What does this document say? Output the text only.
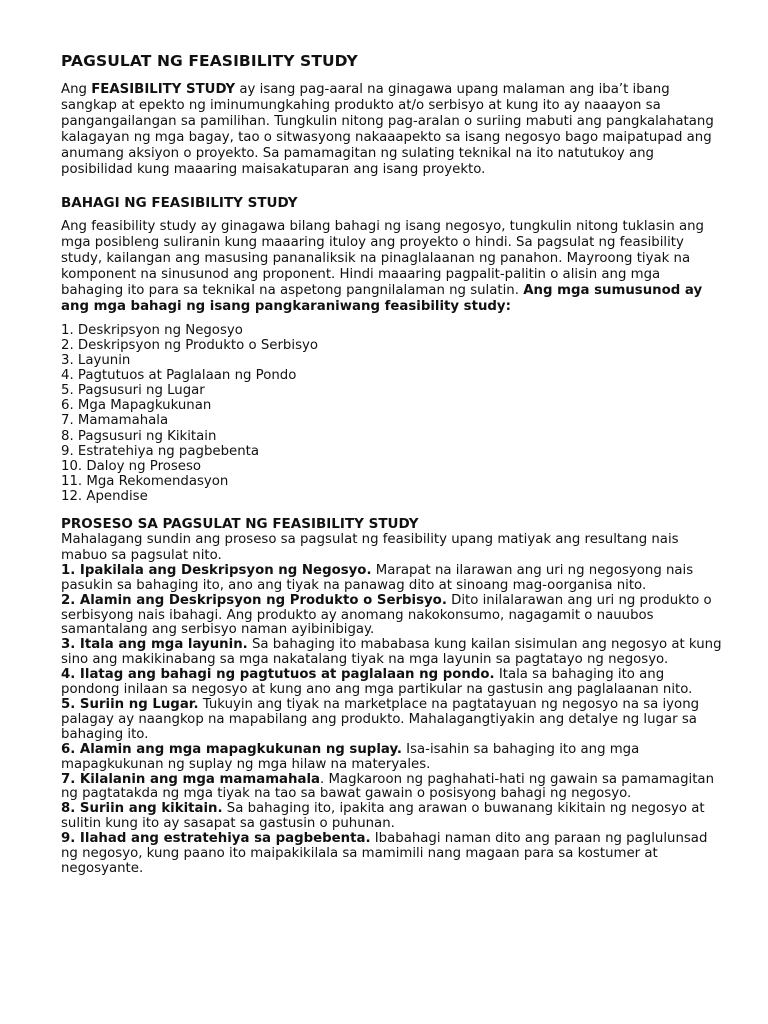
PAGSULAT NG FEASIBILITY STUDY

Ang FEASIBILITY STUDY ay isang pag-aaral na ginagawa upang malaman ang iba’t ibang sangkap at epekto ng iminumungkahing produkto at/o serbisyo at kung ito ay naaayon sa pangangailangan sa pamilihan. Tungkulin nitong pag-aralan o suriing mabuti ang pangkalahatang kalagayan ng mga bagay, tao o sitwasyong nakaaapekto sa isang negosyo bago maipatupad ang anumang aksiyon o proyekto. Sa pamamagitan ng sulating teknikal na ito natutukoy ang posibilidad kung maaaring maisakatuparan ang isang proyekto.

BAHAGI NG FEASIBILITY STUDY

Ang feasibility study ay ginagawa bilang bahagi ng isang negosyo, tungkulin nitong tuklasin ang mga posibleng suliranin kung maaaring ituloy ang proyekto o hindi. Sa pagsulat ng feasibility study, kailangan ang masusing pananaliksik na pinaglalaanan ng panahon. Mayroong tiyak na komponent na sinusunod ang proponent. Hindi maaaring pagpalit-palitin o alisin ang mga bahaging ito para sa teknikal na aspetong pangnilalaman ng sulatin. Ang mga sumusunod ay ang mga bahagi ng isang pangkaraniwang feasibility study:

1. Deskripsyon ng Negosyo
2. Deskripsyon ng Produkto o Serbisyo
3. Layunin
4. Pagtutuos at Paglalaan ng Pondo
5. Pagsusuri ng Lugar
6. Mga Mapagkukunan
7. Mamamahala
8. Pagsusuri ng Kikitain
9. Estratehiya ng pagbebenta
10. Daloy ng Proseso
11. Mga Rekomendasyon
12. Apendise
PROSESO SA PAGSULAT NG FEASIBILITY STUDY

Mahalagang sundin ang proseso sa pagsulat ng feasibility upang matiyak ang resultang nais mabuo sa pagsulat nito.

1. Ipakilala ang Deskripsyon ng Negosyo. Marapat na ilarawan ang uri ng negosyong nais pasukin sa bahaging ito, ano ang tiyak na panawag dito at sinoang mag-oorganisa nito.

2. Alamin ang Deskripsyon ng Produkto o Serbisyo. Dito inilalarawan ang uri ng produkto o serbisyong nais ibahagi. Ang produkto ay anomang nakokonsumo, nagagamit o nauubos samantalang ang serbisyo naman ayibinibigay.

3. Itala ang mga layunin. Sa bahaging ito mababasa kung kailan sisimulan ang negosyo at kung sino ang makikinabang sa mga nakatalang tiyak na mga layunin sa pagtatayo ng negosyo.

4. Ilatag ang bahagi ng pagtutuos at paglalaan ng pondo. Itala sa bahaging ito ang pondong inilaan sa negosyo at kung ano ang mga partikular na gastusin ang paglalaanan nito.

5. Suriin ng Lugar. Tukuyin ang tiyak na marketplace na pagtatayuan ng negosyo na sa iyong palagay ay naangkop na mapabilang ang produkto. Mahalagangtiyakin ang detalye ng lugar sa bahaging ito.

6. Alamin ang mga mapagkukunan ng suplay. Isa-isahin sa bahaging ito ang mga mapagkukunan ng suplay ng mga hilaw na materyales.

7. Kilalanin ang mga mamamahala. Magkaroon ng paghahati-hati ng gawain sa pamamagitan ng pagtatakda ng mga tiyak na tao sa bawat gawain o posisyong bahagi ng negosyo.

8. Suriin ang kikitain. Sa bahaging ito, ipakita ang arawan o buwanang kikitain ng negosyo at sulitin kung ito ay sasapat sa gastusin o puhunan.

9. Ilahad ang estratehiya sa pagbebenta. Ibabahagi naman dito ang paraan ng paglulunsad ng negosyo, kung paano ito maipakikilala sa mamimili nang magaan para sa kostumer at negosyante.
